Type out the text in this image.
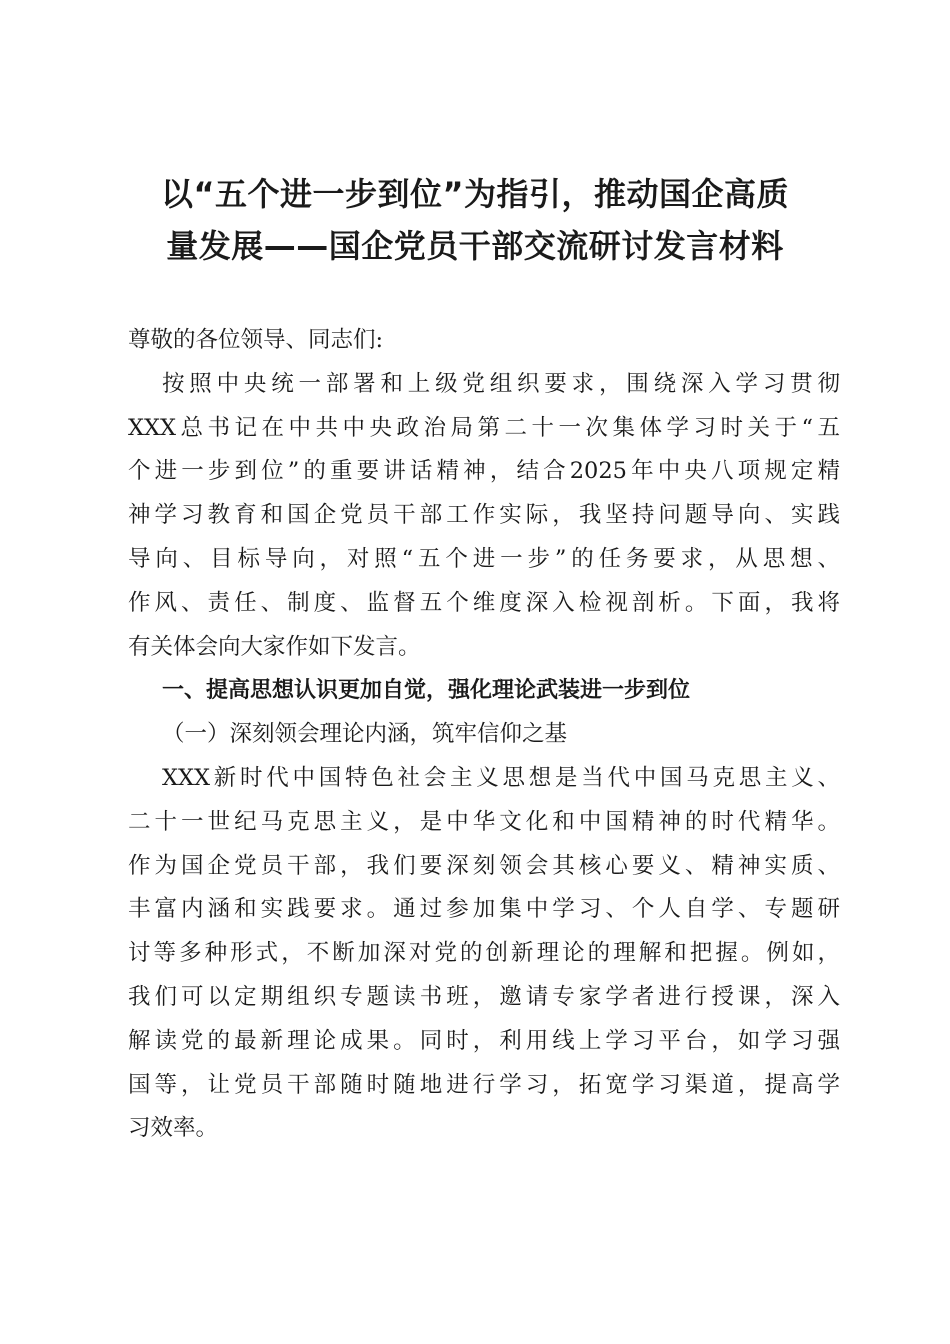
以“五个进一步到位”为指引，推动国企高质
量发展——国企党员干部交流研讨发言材料
尊敬的各位领导、同志们:
按照中央统一部署和上级党组织要求，围绕深入学习贯彻
XXX总书记在中共中央政治局第二十一次集体学习时关于“五
个进一步到位”的重要讲话精神，结合2025年中央八项规定精
神学习教育和国企党员干部工作实际，我坚持问题导向、实践
导向、目标导向，对照“五个进一步”的任务要求，从思想、
作风、责任、制度、监督五个维度深入检视剖析。下面，我将
有关体会向大家作如下发言。
一、提高思想认识更加自觉，强化理论武装进一步到位
（一）深刻领会理论内涵，筑牢信仰之基
XXX新时代中国特色社会主义思想是当代中国马克思主义、
二十一世纪马克思主义，是中华文化和中国精神的时代精华。
作为国企党员干部，我们要深刻领会其核心要义、精神实质、
丰富内涵和实践要求。通过参加集中学习、个人自学、专题研
讨等多种形式，不断加深对党的创新理论的理解和把握。例如，
我们可以定期组织专题读书班，邀请专家学者进行授课，深入
解读党的最新理论成果。同时，利用线上学习平台，如学习强
国等，让党员干部随时随地进行学习，拓宽学习渠道，提高学
习效率。
